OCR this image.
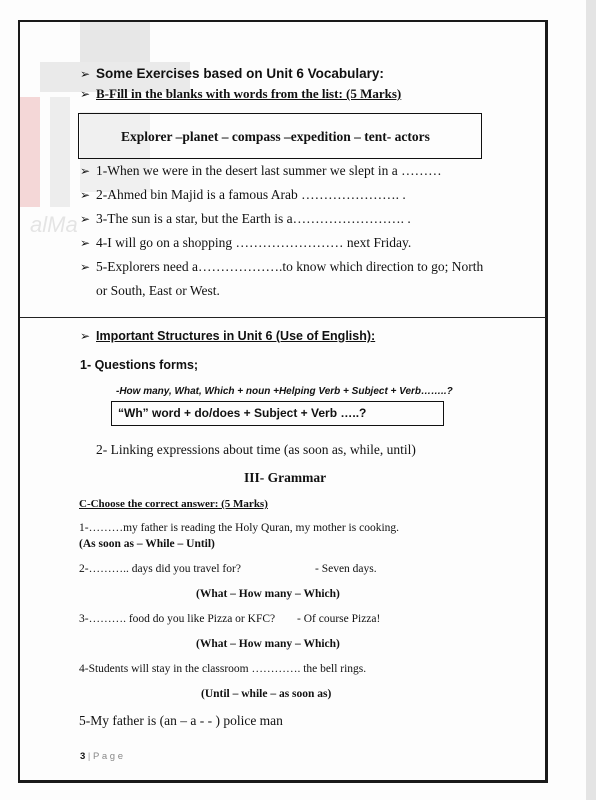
alMa
➢ Some Exercises based on Unit 6 Vocabulary:
➢ B-Fill in the blanks with words from the list: (5 Marks)
Explorer –planet – compass –expedition – tent- actors
➢ 1-When we were in the desert last summer we slept in a ………
➢ 2-Ahmed bin Majid is a famous Arab …………………. .
➢ 3-The sun is a star, but the Earth is a……………………. .
➢ 4-I will go on a shopping …………………… next Friday.
➢ 5-Explorers need a……………….to know which direction to go; North
or South, East or West.
➢ Important Structures in Unit 6 (Use of English):
1- Questions forms;
-How many, What, Which + noun +Helping Verb + Subject + Verb……..?
“Wh” word + do/does + Subject + Verb …..?
2- Linking expressions about time (as soon as, while, until)
III- Grammar
C-Choose the correct answer: (5 Marks)
1-………my father is reading the Holy Quran, my mother is cooking.
(As soon as – While – Until)
2-……….. days did you travel for?	- Seven days.
(What – How many – Which)
3-………. food do you like Pizza or KFC? - Of course Pizza!
(What – How many – Which)
4-Students will stay in the classroom …………. the bell rings.
(Until – while – as soon as)
5-My father is (an – a - - ) police man
3 | P a g e
